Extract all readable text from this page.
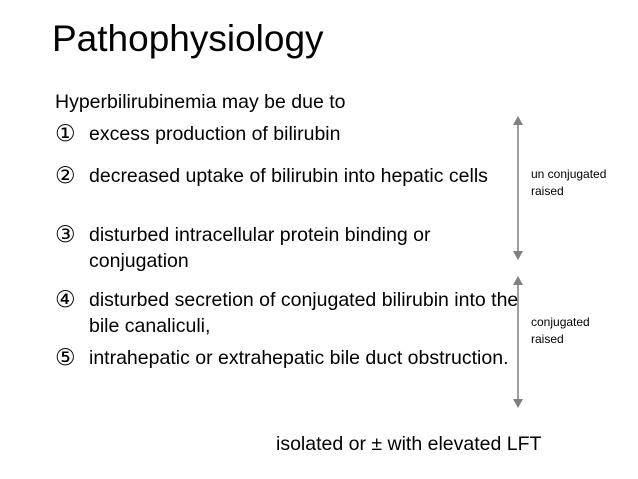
Pathophysiology
Hyperbilirubinemia may be due to
① excess production of bilirubin
② decreased uptake of bilirubin into hepatic cells
③ disturbed intracellular protein binding or conjugation
④ disturbed secretion of conjugated bilirubin into the bile canaliculi,
⑤ intrahepatic or extrahepatic bile duct obstruction.
un conjugated
raised
conjugated
raised
isolated or ± with elevated LFT
